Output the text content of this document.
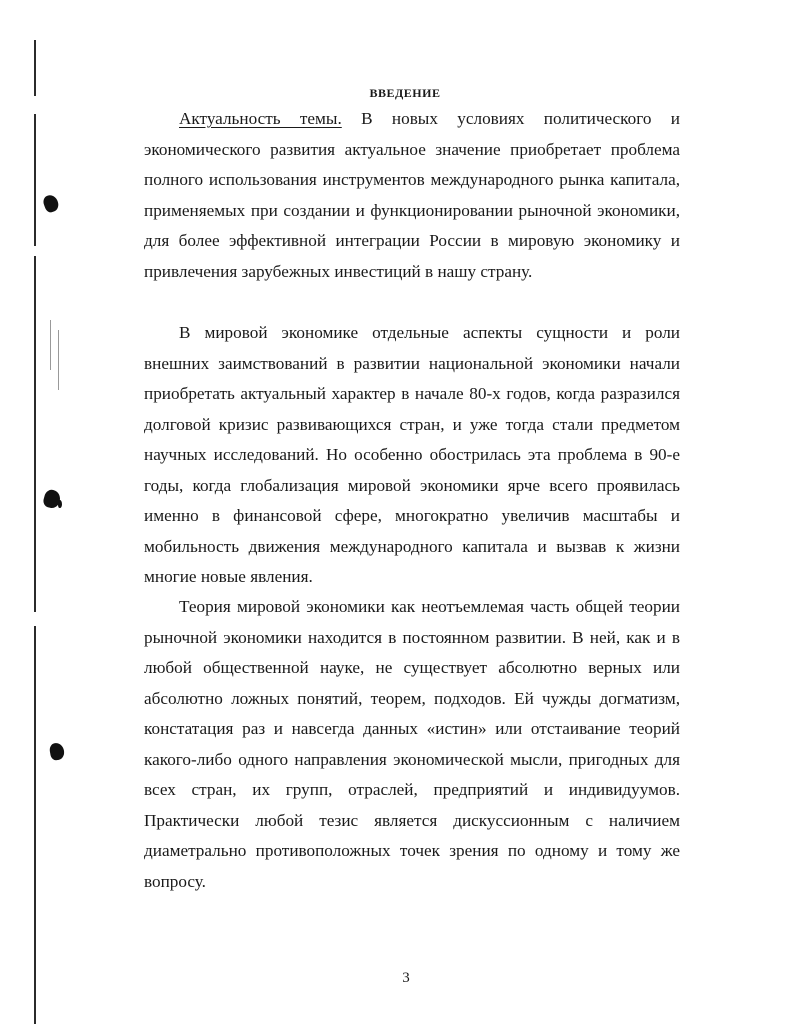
ВВЕДЕНИЕ

Актуальность темы. В новых условиях политического и экономического развития актуальное значение приобретает проблема полного использования инструментов международного рынка капитала, применяемых при создании и функционировании рыночной экономики, для более эффективной интеграции России в мировую экономику и привлечения зарубежных инвестиций в нашу страну.

В мировой экономике отдельные аспекты сущности и роли внешних заимствований в развитии национальной экономики начали приобретать актуальный характер в начале 80-х годов, когда разразился долговой кризис развивающихся стран, и уже тогда стали предметом научных исследований. Но особенно обострилась эта проблема в 90-е годы, когда глобализация мировой экономики ярче всего проявилась именно в финансовой сфере, многократно увеличив масштабы и мобильность движения международного капитала и вызвав к жизни многие новые явления.

Теория мировой экономики как неотъемлемая часть общей теории рыночной экономики находится в постоянном развитии. В ней, как и в любой общественной науке, не существует абсолютно верных или абсолютно ложных понятий, теорем, подходов. Ей чужды догматизм, констатация раз и навсегда данных «истин» или отстаивание теорий какого-либо одного направления экономической мысли, пригодных для всех стран, их групп, отраслей, предприятий и индивидуумов. Практически любой тезис является дискуссионным с наличием диаметрально противоположных точек зрения по одному и тому же вопросу.

3
